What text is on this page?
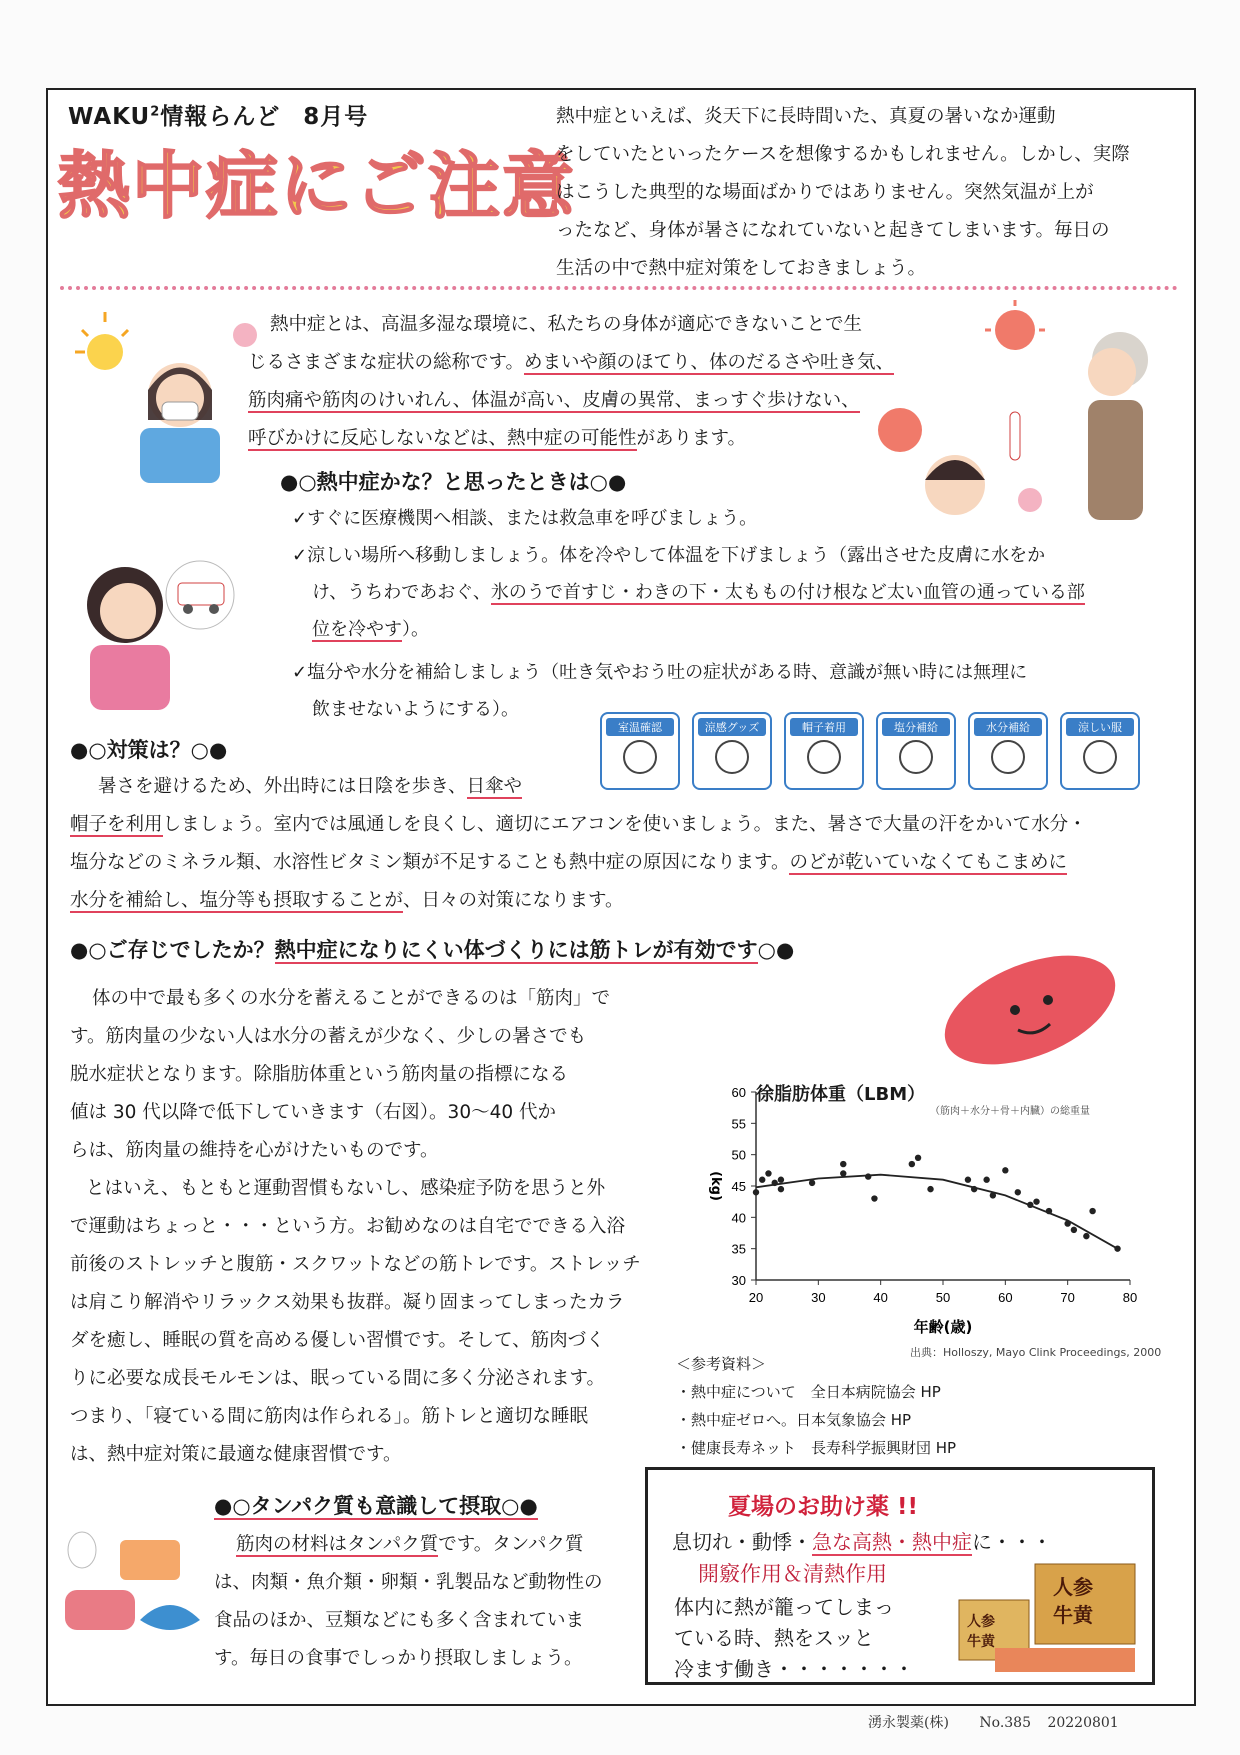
WAKU$^2$情報らんど 8月号
熱中症にご注意
熱中症といえば、炎天下に長時間いた、真夏の暑いなか運動
をしていたといったケースを想像するかもしれません。しかし、実際
はこうした典型的な場面ばかりではありません。突然気温が上が
ったなど、身体が暑さになれていないと起きてしまいます。毎日の
生活の中で熱中症対策をしておきましょう。
熱中症とは、高温多湿な環境に、私たちの身体が適応できないことで生
じるさまざまな症状の総称です。めまいや顔のほてり、体のだるさや吐き気、
筋肉痛や筋肉のけいれん、体温が高い、皮膚の異常、まっすぐ歩けない、
呼びかけに反応しないなどは、熱中症の可能性があります。
●○熱中症かな？と思ったときは○●
✓すぐに医療機関へ相談、または救急車を呼びましょう。
✓涼しい場所へ移動しましょう。体を冷やして体温を下げましょう（露出させた皮膚に水をか
け、うちわであおぐ、氷のうで首すじ・わきの下・太ももの付け根など太い血管の通っている部
位を冷やす）。
✓塩分や水分を補給しましょう（吐き気やおう吐の症状がある時、意識が無い時には無理に
飲ませないようにする）。
室温確認	涼感グッズ	帽子着用	塩分補給	水分補給	涼しい服
●○対策は？○●
暑さを避けるため、外出時には日陰を歩き、日傘や
帽子を利用しましょう。室内では風通しを良くし、適切にエアコンを使いましょう。また、暑さで大量の汗をかいて水分・
塩分などのミネラル類、水溶性ビタミン類が不足することも熱中症の原因になります。のどが乾いていなくてもこまめに
水分を補給し、塩分等も摂取することが、日々の対策になります。
●○ご存じでしたか？熱中症になりにくい体づくりには筋トレが有効です○●
体の中で最も多くの水分を蓄えることができるのは「筋肉」で
す。筋肉量の少ない人は水分の蓄えが少なく、少しの暑さでも
脱水症状となります。除脂肪体重という筋肉量の指標になる
値は 30 代以降で低下していきます（右図）。30～40 代か
らは、筋肉量の維持を心がけたいものです。
とはいえ、もともと運動習慣もないし、感染症予防を思うと外
で運動はちょっと・・・という方。お勧めなのは自宅でできる入浴
前後のストレッチと腹筋・スクワットなどの筋トレです。ストレッチ
は肩こり解消やリラックス効果も抜群。凝り固まってしまったカラ
ダを癒し、睡眠の質を高める優しい習慣です。そして、筋肉づく
りに必要な成長モルモンは、眠っている間に多く分泌されます。
つまり、「寝ている間に筋肉は作られる」。筋トレと適切な睡眠
は、熱中症対策に最適な健康習慣です。
徐脂肪体重（LBM）
（筋肉＋水分＋骨＋内臓）の総重量
30
35
40
45
50
55
60
20	30	40	50	60	70	80
年齢(歳)
(kg)
出典：Holloszy, Mayo Clink Proceedings, 2000
＜参考資料＞
・熱中症について　全日本病院協会 HP
・熱中症ゼロへ。日本気象協会 HP
・健康長寿ネット　長寿科学振興財団 HP
●○タンパク質も意識して摂取○●
筋肉の材料はタンパク質です。タンパク質
は、肉類・魚介類・卵類・乳製品など動物性の
食品のほか、豆類などにも多く含まれていま
す。毎日の食事でしっかり摂取しましょう。
夏場のお助け薬 !!
息切れ・動悸・急な高熱・熱中症に・・・
開竅作用＆清熱作用
体内に熱が籠ってしまっ
ている時、熱をスッと
冷ます働き・・・・・・・
人参
牛黄
人参
牛黄
湧永製薬(株) No.385 20220801
